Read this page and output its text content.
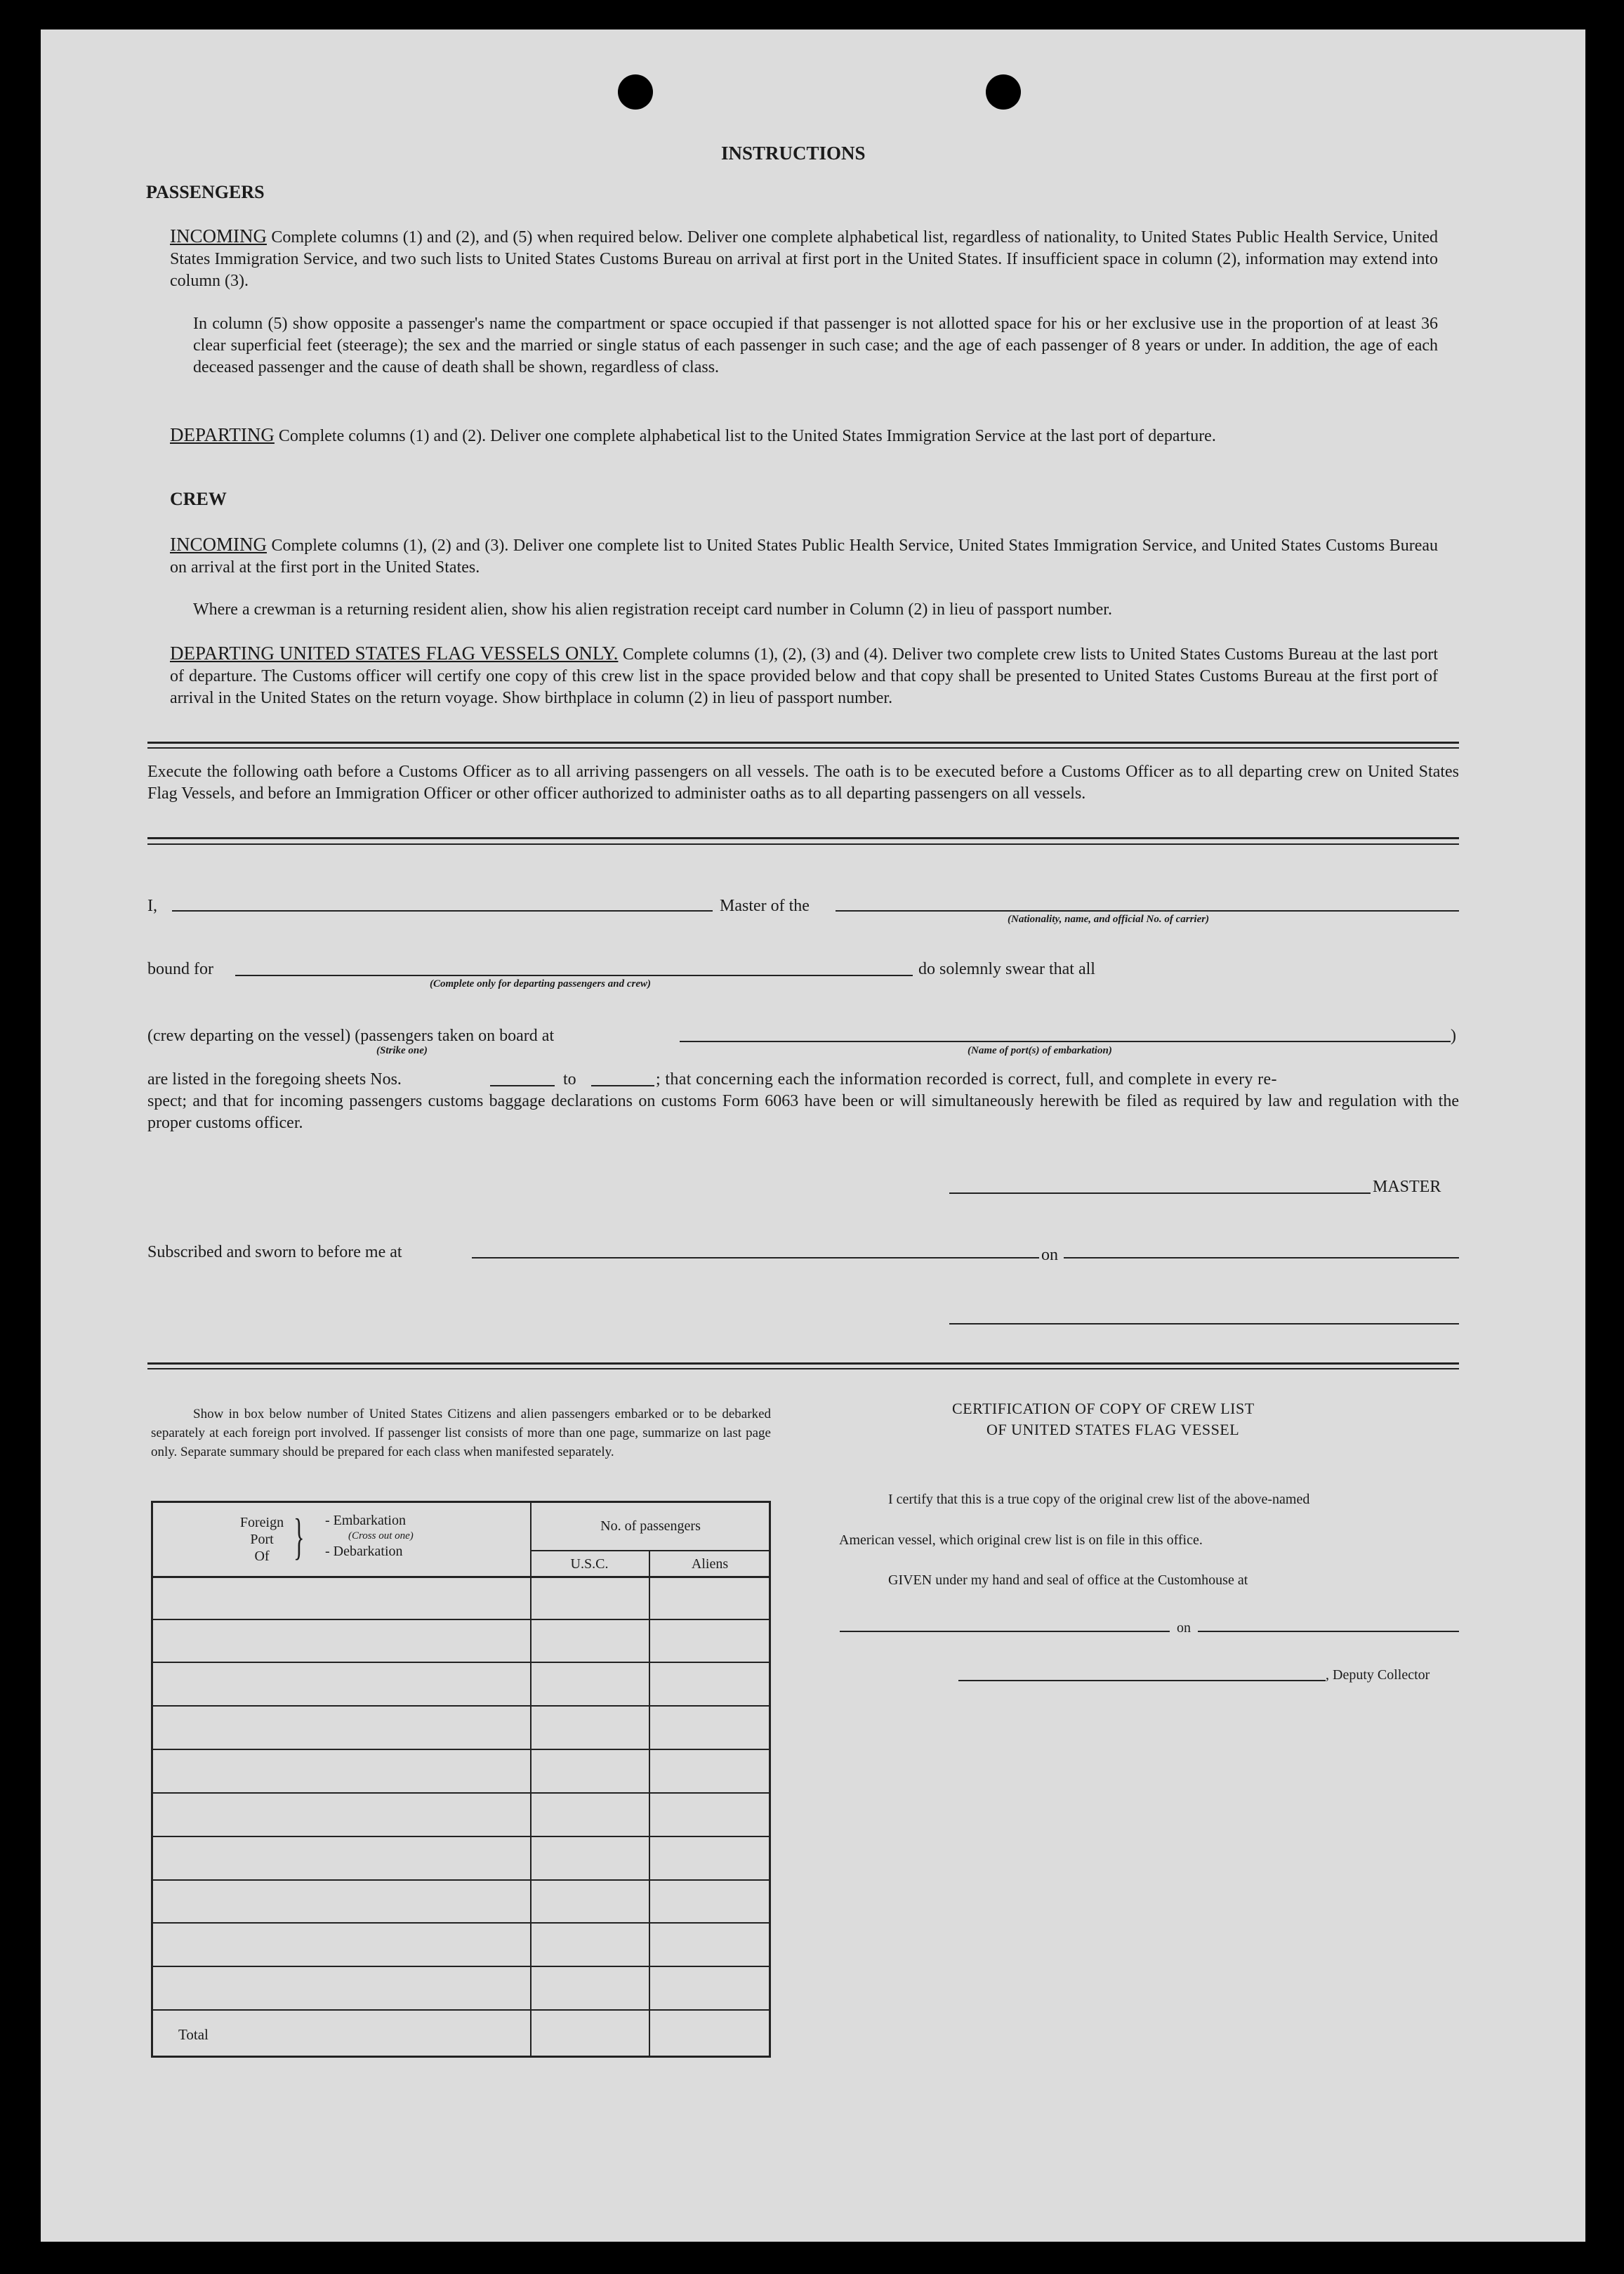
INSTRUCTIONS
PASSENGERS
INCOMING Complete columns (1) and (2), and (5) when required below. Deliver one complete alphabetical list, regardless of nationality, to United States Public Health Service, United States Immigration Service, and two such lists to United States Customs Bureau on arrival at first port in the United States. If insufficient space in column (2), information may extend into column (3).
In column (5) show opposite a passenger's name the compartment or space occupied if that passenger is not allotted space for his or her exclusive use in the proportion of at least 36 clear superficial feet (steerage); the sex and the married or single status of each passenger in such case; and the age of each passenger of 8 years or under. In addition, the age of each deceased passenger and the cause of death shall be shown, regardless of class.
DEPARTING Complete columns (1) and (2). Deliver one complete alphabetical list to the United States Immigration Service at the last port of departure.
CREW
INCOMING Complete columns (1), (2) and (3). Deliver one complete list to United States Public Health Service, United States Immigration Service, and United States Customs Bureau on arrival at the first port in the United States.
Where a crewman is a returning resident alien, show his alien registration receipt card number in Column (2) in lieu of passport number.
DEPARTING UNITED STATES FLAG VESSELS ONLY. Complete columns (1), (2), (3) and (4). Deliver two complete crew lists to United States Customs Bureau at the last port of departure. The Customs officer will certify one copy of this crew list in the space provided below and that copy shall be presented to United States Customs Bureau at the first port of arrival in the United States on the return voyage. Show birthplace in column (2) in lieu of passport number.
Execute the following oath before a Customs Officer as to all arriving passengers on all vessels. The oath is to be executed before a Customs Officer as to all departing crew on United States Flag Vessels, and before an Immigration Officer or other officer authorized to administer oaths as to all departing passengers on all vessels.
I,	Master of the
(Nationality, name, and official No. of carrier)
bound for
(Complete only for departing passengers and crew)
do solemnly swear that all
(crew departing on the vessel) (passengers taken on board at
(Strike one)
)
(Name of port(s) of embarkation)
are listed in the foregoing sheets Nos.	to	; that concerning each the information recorded is correct, full, and complete in every re-
spect; and that for incoming passengers customs baggage declarations on customs Form 6063 have been or will simultaneously herewith be filed as required by law and regulation with the proper customs officer.
MASTER
Subscribed and sworn to before me at	on
Show in box below number of United States Citizens and alien passengers embarked or to be debarked separately at each foreign port involved. If passenger list consists of more than one page, summarize on last page only. Separate summary should be prepared for each class when manifested separately.
Foreign
Port
Of } - Embarkation
(Cross out one)
- Debarkation
No. of passengers
U.S.C.	Aliens
Total
CERTIFICATION OF COPY OF CREW LIST
OF UNITED STATES FLAG VESSEL
I certify that this is a true copy of the original crew list of the above-named
American vessel, which original crew list is on file in this office.
GIVEN under my hand and seal of office at the Customhouse at
on
, Deputy Collector
